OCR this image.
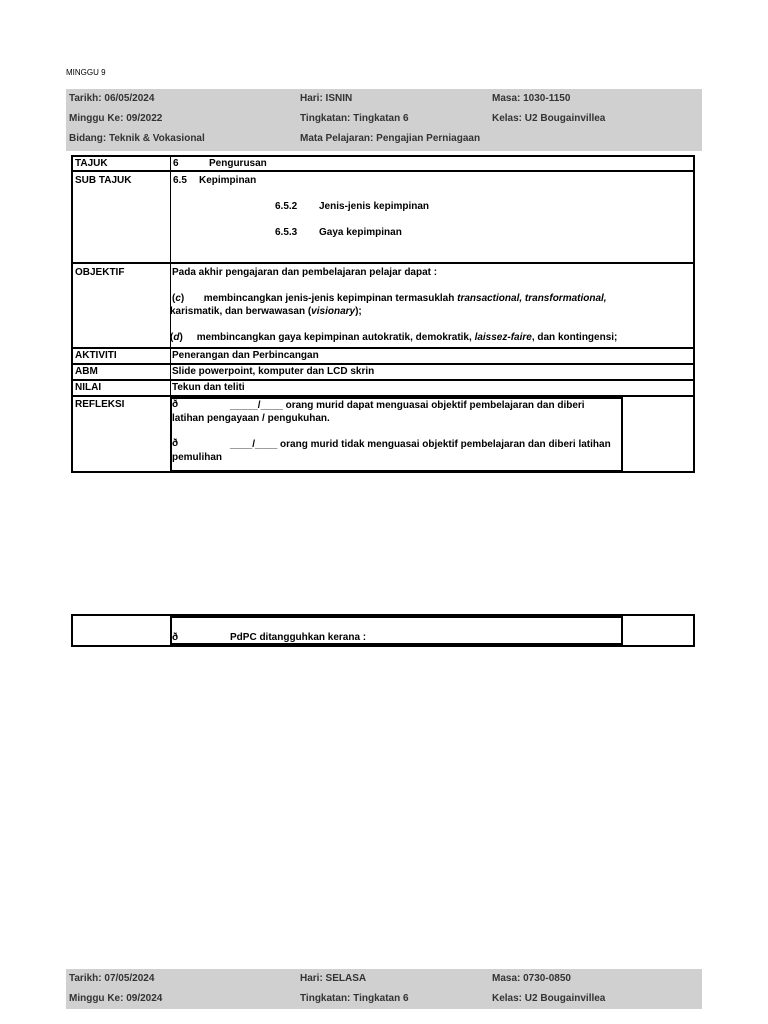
MINGGU 9
Tarikh: 06/05/2024	Hari: ISNIN	Masa: 1030-1150
Minggu Ke: 09/2022	Tingkatan: Tingkatan 6	Kelas: U2 Bougainvillea
Bidang: Teknik & Vokasional	Mata Pelajaran: Pengajian Perniagaan
TAJUK	6	Pengurusan
SUB TAJUK	6.5 Kepimpinan
6.5.2 Jenis-jenis kepimpinan
6.5.3 Gaya kepimpinan
OBJEKTIF	Pada akhir pengajaran dan pembelajaran pelajar dapat :
(c)       membincangkan jenis-jenis kepimpinan termasuklah transactional, transformational,
karismatik, dan berwawasan (visionary);
(d)     membincangkan gaya kepimpinan autokratik, demokratik, laissez-faire, dan kontingensi;
AKTIVITI	Penerangan dan Perbincangan
ABM	Slide powerpoint, komputer dan LCD skrin
NILAI	Tekun dan teliti
REFLEKSI	ð	_____/____ orang murid dapat menguasai objektif pembelajaran dan diberi latihan pengayaan / pengukuhan.
ð	____/____ orang murid tidak menguasai objektif pembelajaran dan diberi latihan pemulihan
ð	PdPC ditangguhkan kerana :
Tarikh: 07/05/2024	Hari: SELASA	Masa: 0730-0850
Minggu Ke: 09/2024	Tingkatan: Tingkatan 6	Kelas: U2 Bougainvillea
